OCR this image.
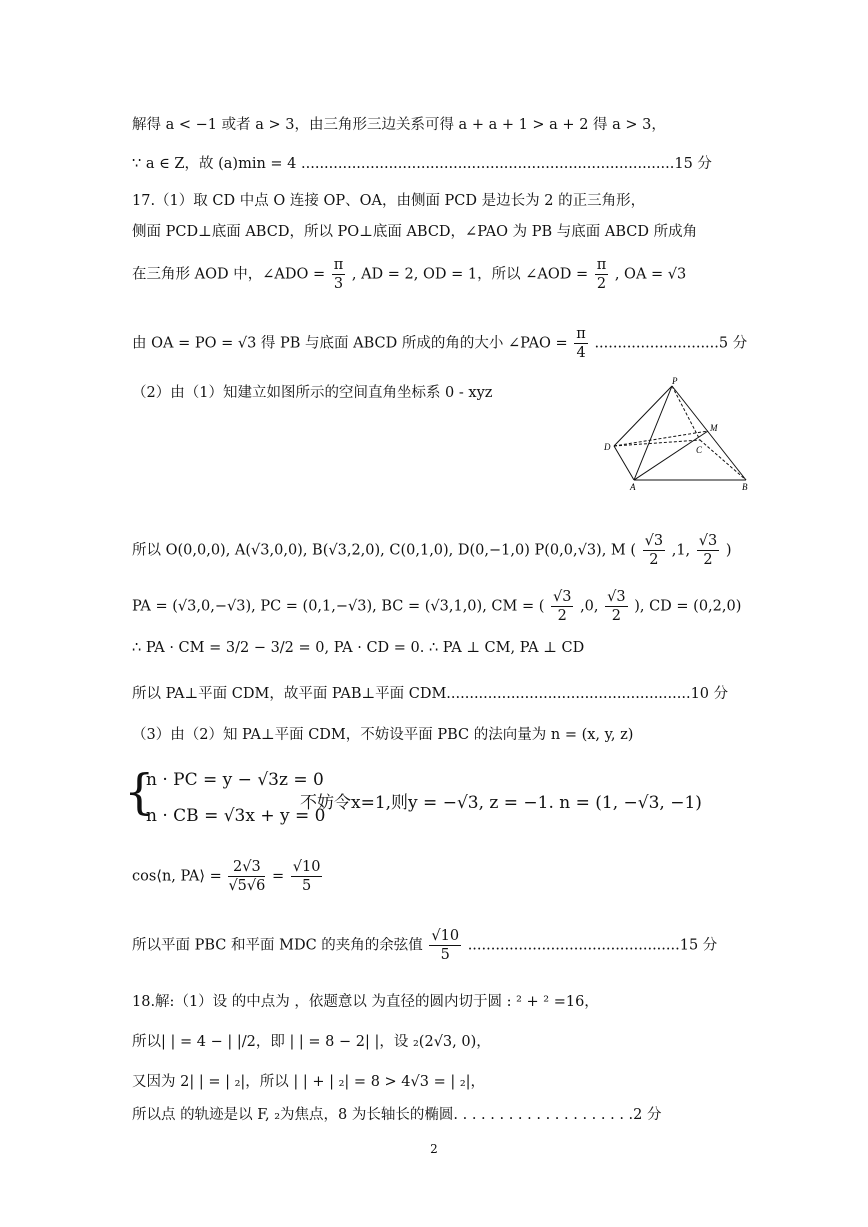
解得 a < −1 或者 a > 3，由三角形三边关系可得 a + a + 1 > a + 2 得 a > 3，
∵ a ∈ Z，故 (a)min = 4 .................................................................................15 分
17.（1）取 CD 中点 O 连接 OP、OA，由侧面 PCD 是边长为 2 的正三角形，
侧面 PCD⊥底面 ABCD，所以 PO⊥底面 ABCD，∠PAO 为 PB 与底面 ABCD 所成角
在三角形 AOD 中，∠ADO = $\frac{\pi}{3}$ , AD = 2, OD = 1，所以 ∠AOD = $\frac{\pi}{2}$ , OA = √3
由 OA = PO = √3 得 PB 与底面 ABCD 所成的角的大小 ∠PAO = $\frac{\pi}{4} ...........................5$ 分
（2）由（1）知建立如图所示的空间直角坐标系 0 - xyz
P
M
D	C
A	B
所以 O(0,0,0), A(√3,0,0), B(√3,2,0), C(0,1,0), D(0,−1,0) P(0,0,√3), M ( $\frac{√3}{2} ,1$, $\frac{√3}{2}$ )
PA = (√3,0,−√3), PC = (0,1,−√3), BC = (√3,1,0), CM = ( $\frac{√3}{2} ,0$, $\frac{√3}{2}$ ), CD = (0,2,0)
∴ PA · CM = 3/2 − 3/2 = 0, PA · CD = 0. ∴ PA ⊥ CM, PA ⊥ CD
所以 PA⊥平面 CDM，故平面 PAB⊥平面 CDM.....................................................10 分
（3）由（2）知 PA⊥平面 CDM，不妨设平面 PBC 的法向量为 n = (x, y, z)
{
n · PC = y − √3z = 0
n · CB = √3x + y = 0
不妨令x=1,则y = −√3, z = −1. n = (1, −√3, −1)
cos⟨n, PA⟩ = $\frac{2√3}{√5√6} = \frac{√10}{5}$
所以平面 PBC 和平面 MDC 的夹角的余弦值 $\frac{√10}{5} ..............................................15$ 分
18.解:（1）设 的中点为 ，依题意以 为直径的圆内切于圆 : ² + ² =16，
所以| | = 4 − | |/2，即 | | = 8 − 2| |，设 ₂(2√3, 0)，
又因为 2| | = | ₂|，所以 | | + | ₂| = 8 > 4√3 = | ₂|，
所以点 的轨迹是以 F, ₂为焦点，8 为长轴长的椭圆. . . . . . . . . . . . . . . . . . . .2 分
2
